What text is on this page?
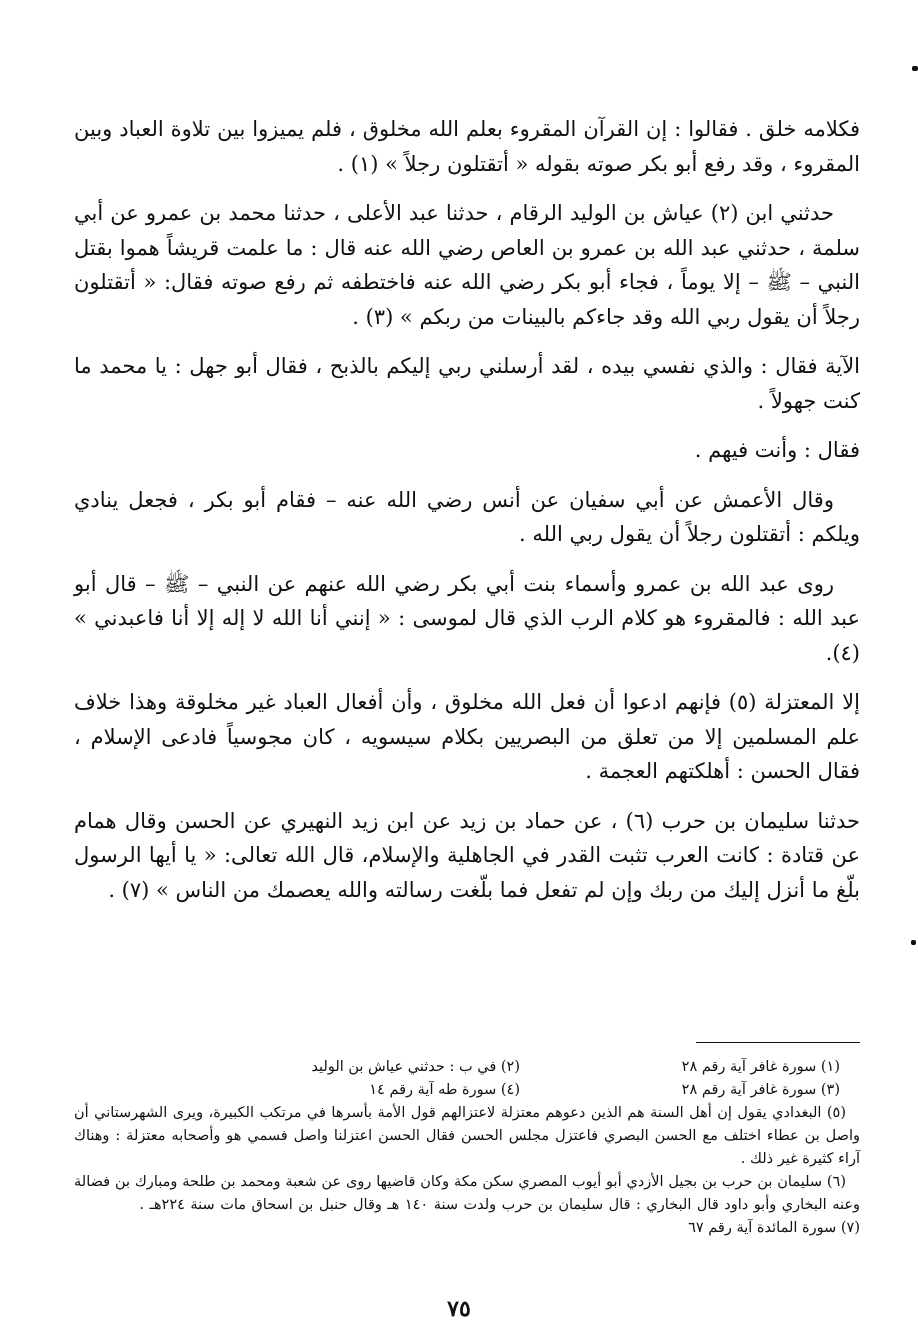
فكلامه خلق . فقالوا : إن القرآن المقروء بعلم الله مخلوق ، فلم يميزوا بين تلاوة العباد وبين المقروء ، وقد رفع أبو بكر صوته بقوله « أتقتلون رجلاً » (١) .

حدثني ابن (٢) عياش بن الوليد الرقام ، حدثنا عبد الأعلى ، حدثنا محمد بن عمرو عن أبي سلمة ، حدثني عبد الله بن عمرو بن العاص رضي الله عنه قال : ما علمت قريشاً هموا بقتل النبي – ﷺ – إلا يوماً ، فجاء أبو بكر رضي الله عنه فاختطفه ثم رفع صوته فقال: « أتقتلون رجلاً أن يقول ربي الله وقد جاءكم بالبينات من ربكم » (٣) .

الآية فقال : والذي نفسي بيده ، لقد أرسلني ربي إليكم بالذبح ، فقال أبو جهل : يا محمد ما كنت جهولاً .

فقال : وأنت فيهم .

وقال الأعمش عن أبي سفيان عن أنس رضي الله عنه – فقام أبو بكر ، فجعل ينادي ويلكم : أتقتلون رجلاً أن يقول ربي الله .

روى عبد الله بن عمرو وأسماء بنت أبي بكر رضي الله عنهم عن النبي – ﷺ – قال أبو عبد الله : فالمقروء هو كلام الرب الذي قال لموسى : « إنني أنا الله لا إله إلا أنا فاعبدني » (٤).

إلا المعتزلة (٥) فإنهم ادعوا أن فعل الله مخلوق ، وأن أفعال العباد غير مخلوقة وهذا خلاف علم المسلمين إلا من تعلق من البصريين بكلام سيسويه ، كان مجوسياً فادعى الإسلام ، فقال الحسن : أهلكتهم العجمة .

حدثنا سليمان بن حرب (٦) ، عن حماد بن زيد عن ابن زيد النهيري عن الحسن وقال همام عن قتادة : كانت العرب تثبت القدر في الجاهلية والإسلام، قال الله تعالى: « يا أيها الرسول بلّغ ما أنزل إليك من ربك وإن لم تفعل فما بلّغت رسالته والله يعصمك من الناس » (٧) .

(١) سورة غافر آية رقم ٢٨
(٢) في ب : حدثني عياش بن الوليد
(٣) سورة غافر آية رقم ٢٨
(٤) سورة طه آية رقم ١٤

(٥) البغدادي يقول إن أهل السنة هم الذين دعوهم معتزلة لاعتزالهم قول الأمة بأسرها في مرتكب الكبيرة، ويرى الشهرستاني أن واصل بن عطاء اختلف مع الحسن البصري فاعتزل مجلس الحسن فقال الحسن اعتزلنا واصل فسمي هو وأصحابه معتزلة : وهناك آراء كثيرة غير ذلك .

(٦) سليمان بن حرب بن بجيل الأزدي أبو أيوب المصري سكن مكة وكان قاضيها روى عن شعبة ومحمد بن طلحة ومبارك بن فضالة وعنه البخاري وأبو داود قال البخاري : قال سليمان بن حرب ولدت سنة ١٤٠ هـ وقال حنبل بن اسحاق مات سنة ٢٢٤هـ .  (٧) سورة المائدة آية رقم ٦٧

٧٥
